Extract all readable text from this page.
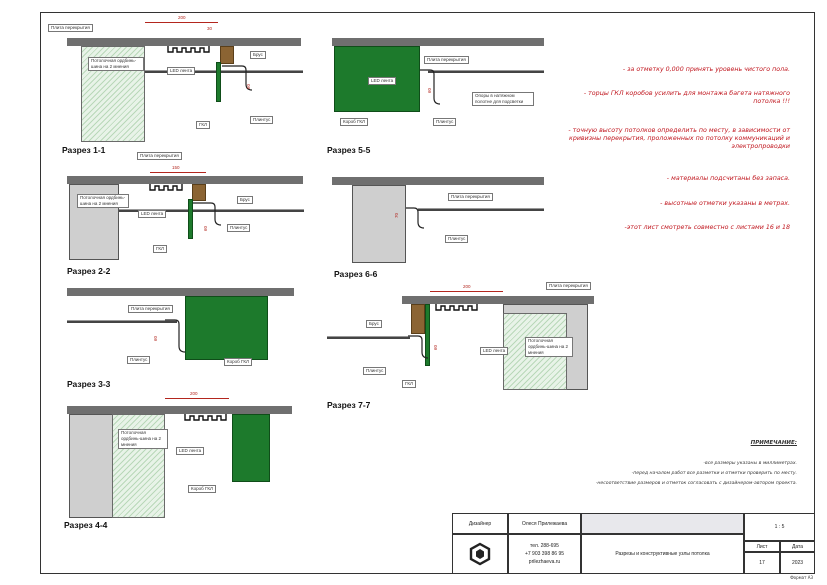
200
30
60
Плита перекрытия
Потолочная ордбинь-шина на 2 мнения
LED лента
Брус
Плинтус
ГКЛ
Разрез 1-1
150
60
Плита перекрытия
Потолочная ордбинь-шина на 2 мнения
LED лента
Брус
Плинтус
ГКЛ
Разрез 2-2
60
Плита перекрытия
Плинтус	Короб ГКЛ
Разрез 3-3
200
Потолочная ордбинь-шина на 2 мнения
LED лента
Короб ГКЛ
Разрез 4-4
60
Плита перекрытия
LED лента
Опоры в натяжном полотне для подсветки
Плинтус
Короб ГКЛ
Разрез 5-5
70
Плита перекрытия
Плинтус
Разрез 6-6
200
60
Плита перекрытия
Брус
Потолочная ордбинь-шина на 2 мнения
LED лента
Плинтус
ГКЛ
Разрез 7-7
- за отметку 0,000 принять уровень чистого пола.
- торцы ГКЛ коробов усилить для монтажа багета натяжного потолка !!!
- точную высоту потолков определить по месту, в зависимости от кривизны перекрытия, проложенных по потолку коммуникаций и электропроводки
- материалы подсчитаны без запаса.
- высотные отметки указаны в метрах.
-этот лист смотреть совместно с листами 16 и 18
ПРИМЕЧАНИЕ:
-все размеры указаны в миллиметрах.
-перед началом работ все разметки и отметки проверить по месту.
-несоответствие размеров и отметок согласовать с дизайнером-автором проекта.
Дизайнер	Олеся Прилежаева
1 : 5
тел. 288-695
+7 903 398 86 95
prilezhaeva.ru
Разрезы и конструктивные узлы потолка
Лист	Дата
17	2023
Формат А3
